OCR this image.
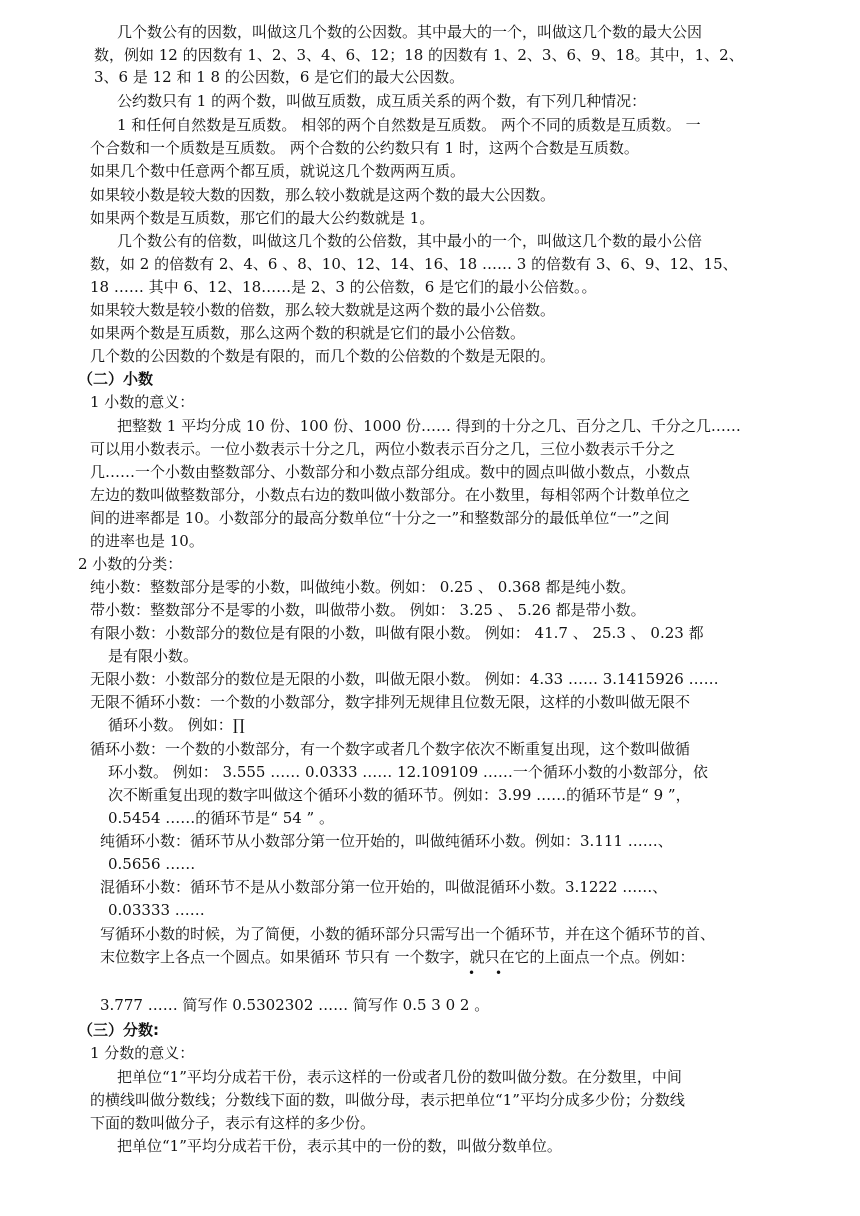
几个数公有的因数，叫做这几个数的公因数。其中最大的一个，叫做这几个数的最大公因
数，例如 12 的因数有 1、2、3、4、6、12；18 的因数有 1、2、3、6、9、18。其中，1、2、
3、6 是 12 和 1 8 的公因数，6 是它们的最大公因数。
公约数只有 1 的两个数，叫做互质数，成互质关系的两个数，有下列几种情况：
1 和任何自然数是互质数。 相邻的两个自然数是互质数。 两个不同的质数是互质数。 一
个合数和一个质数是互质数。 两个合数的公约数只有 1 时，这两个合数是互质数。
如果几个数中任意两个都互质，就说这几个数两两互质。
如果较小数是较大数的因数，那么较小数就是这两个数的最大公因数。
如果两个数是互质数，那它们的最大公约数就是 1。
几个数公有的倍数，叫做这几个数的公倍数，其中最小的一个，叫做这几个数的最小公倍
数，如 2 的倍数有 2、4、6 、8、10、12、14、16、18 …… 3 的倍数有 3、6、9、12、15、
18 …… 其中 6、12、18……是 2、3 的公倍数，6 是它们的最小公倍数。。
如果较大数是较小数的倍数，那么较大数就是这两个数的最小公倍数。
如果两个数是互质数，那么这两个数的积就是它们的最小公倍数。
几个数的公因数的个数是有限的，而几个数的公倍数的个数是无限的。
（二）小数
1 小数的意义：
把整数 1 平均分成 10 份、100 份、1000 份…… 得到的十分之几、百分之几、千分之几……
可以用小数表示。一位小数表示十分之几，两位小数表示百分之几，三位小数表示千分之
几……一个小数由整数部分、小数部分和小数点部分组成。数中的圆点叫做小数点，小数点
左边的数叫做整数部分，小数点右边的数叫做小数部分。在小数里，每相邻两个计数单位之
间的进率都是 10。小数部分的最高分数单位“十分之一”和整数部分的最低单位“一”之间
的进率也是 10。
2 小数的分类：
纯小数：整数部分是零的小数，叫做纯小数。例如： 0.25 、 0.368 都是纯小数。
带小数：整数部分不是零的小数，叫做带小数。 例如： 3.25 、 5.26 都是带小数。
有限小数：小数部分的数位是有限的小数，叫做有限小数。 例如： 41.7 、 25.3 、 0.23 都
是有限小数。
无限小数：小数部分的数位是无限的小数，叫做无限小数。 例如：4.33 …… 3.1415926 ……
无限不循环小数：一个数的小数部分，数字排列无规律且位数无限，这样的小数叫做无限不
循环小数。 例如：∏
循环小数：一个数的小数部分，有一个数字或者几个数字依次不断重复出现，这个数叫做循
环小数。 例如： 3.555 …… 0.0333 …… 12.109109 ……一个循环小数的小数部分，依
次不断重复出现的数字叫做这个循环小数的循环节。例如：3.99 ……的循环节是“ 9 ”，
0.5454 ……的循环节是“ 54 ” 。
纯循环小数：循环节从小数部分第一位开始的，叫做纯循环小数。例如：3.111 ……、
0.5656 ……
混循环小数：循环节不是从小数部分第一位开始的，叫做混循环小数。3.1222 ……、
0.03333 ……
写循环小数的时候，为了简便，小数的循环部分只需写出一个循环节，并在这个循环节的首、
末位数字上各点一个圆点。如果循环 节只有 一个数字，就只在它的上面点一个点。例如：
• •
3.777 …… 简写作 0.5302302 …… 简写作 0.5 3 0 2 。
（三）分数:
1 分数的意义：
把单位“1”平均分成若干份，表示这样的一份或者几份的数叫做分数。在分数里，中间
的横线叫做分数线；分数线下面的数，叫做分母，表示把单位“1”平均分成多少份；分数线
下面的数叫做分子，表示有这样的多少份。
把单位“1”平均分成若干份，表示其中的一份的数，叫做分数单位。
